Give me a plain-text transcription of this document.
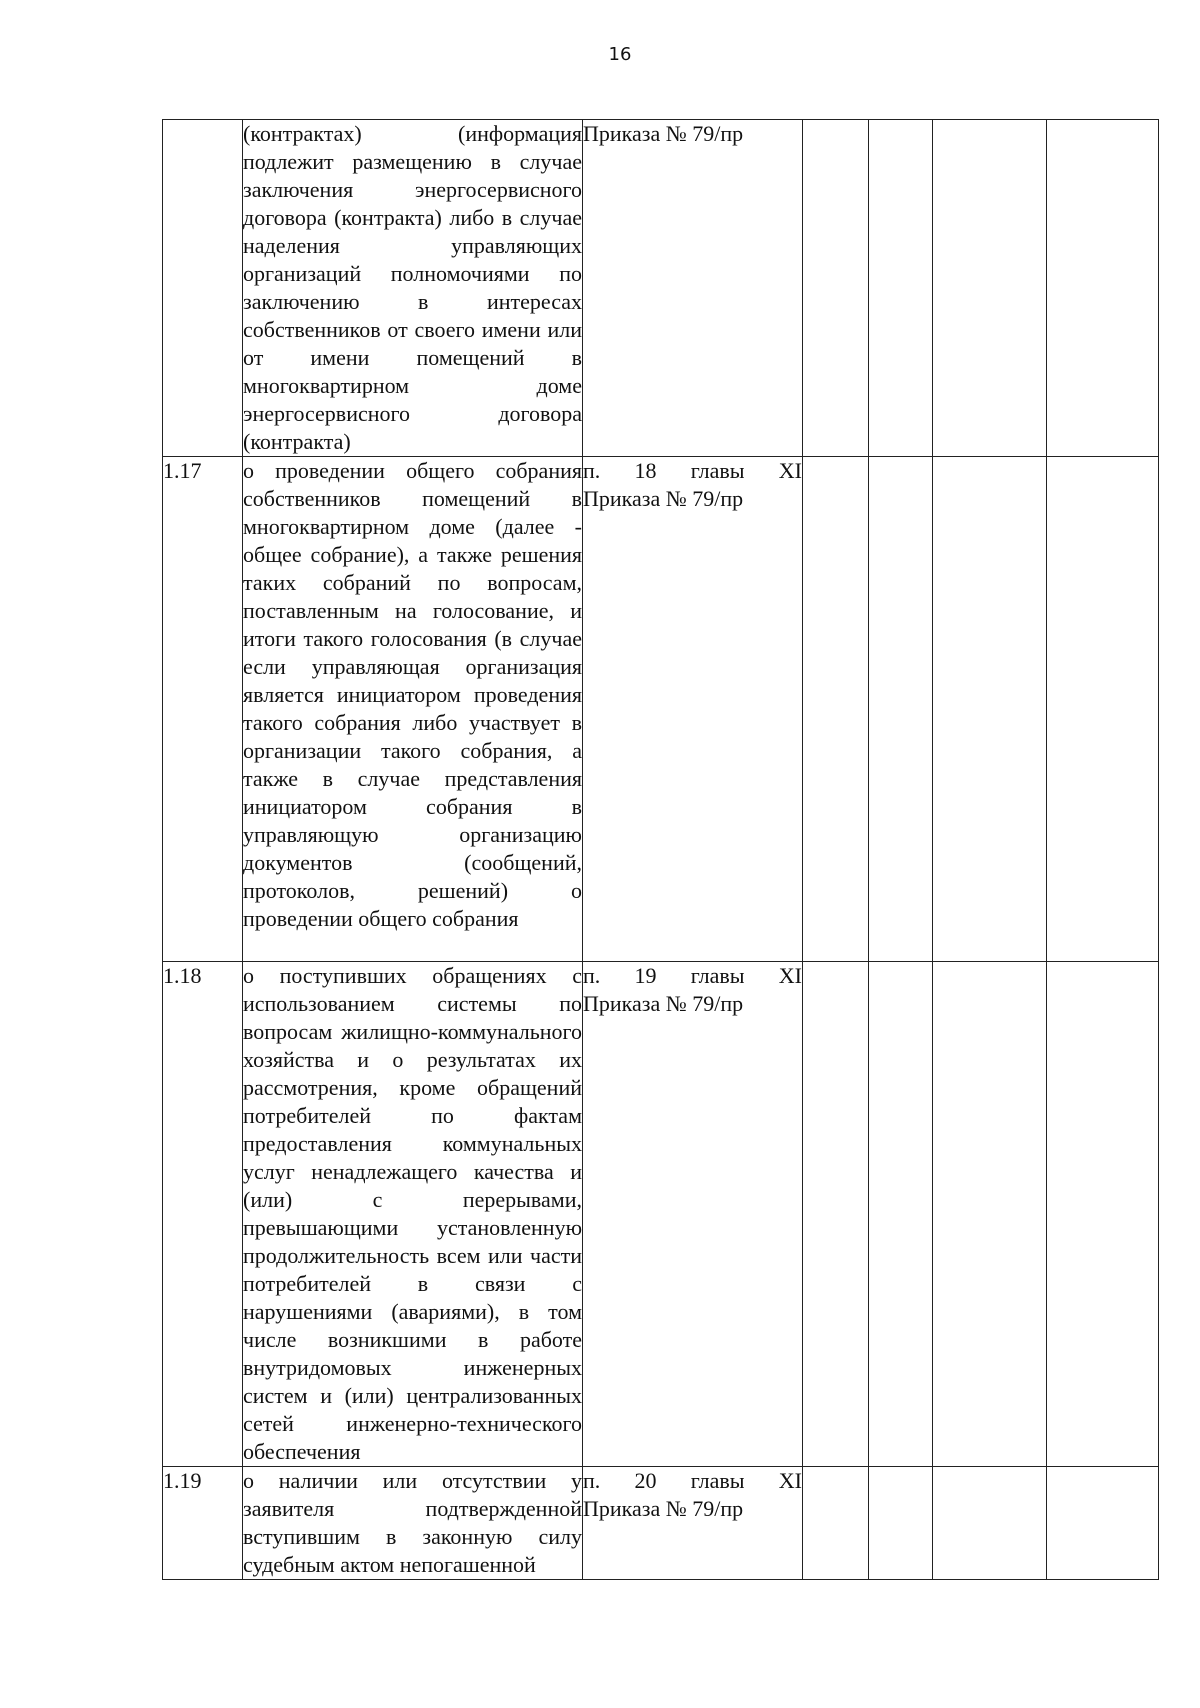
16
	(контрактах) (информация подлежит размещению в случае заключения энергосервисного договора (контракта) либо в случае наделения управляющих организаций полномочиями по заключению в интересах собственников от своего имени или от имени помещений в многоквартирном доме энергосервисного договора (контракта)	Приказа № 79/пр				

1.17	о проведении общего собрания собственников помещений в многоквартирном доме (далее - общее собрание), а также решения таких собраний по вопросам, поставленным на голосование, и итоги такого голосования (в случае если управляющая организация является инициатором проведения такого собрания либо участвует в организации такого собрания, а также в случае представления инициатором собрания в управляющую организацию документов (сообщений, протоколов, решений) о проведении общего собрания	п. 18 главы XI
Приказа № 79/пр				

1.18	о поступивших обращениях с использованием системы по вопросам жилищно-коммунального хозяйства и о результатах их рассмотрения, кроме обращений потребителей по фактам предоставления коммунальных услуг ненадлежащего качества и (или) с перерывами, превышающими установленную продолжительность всем или части потребителей в связи с нарушениями (авариями), в том числе возникшими в работе внутридомовых инженерных систем и (или) централизованных сетей инженерно-технического обеспечения	п. 19 главы XI
Приказа № 79/пр				

1.19	о наличии или отсутствии у заявителя подтвержденной вступившим в законную силу судебным актом непогашенной	п. 20 главы XI
Приказа № 79/пр				
